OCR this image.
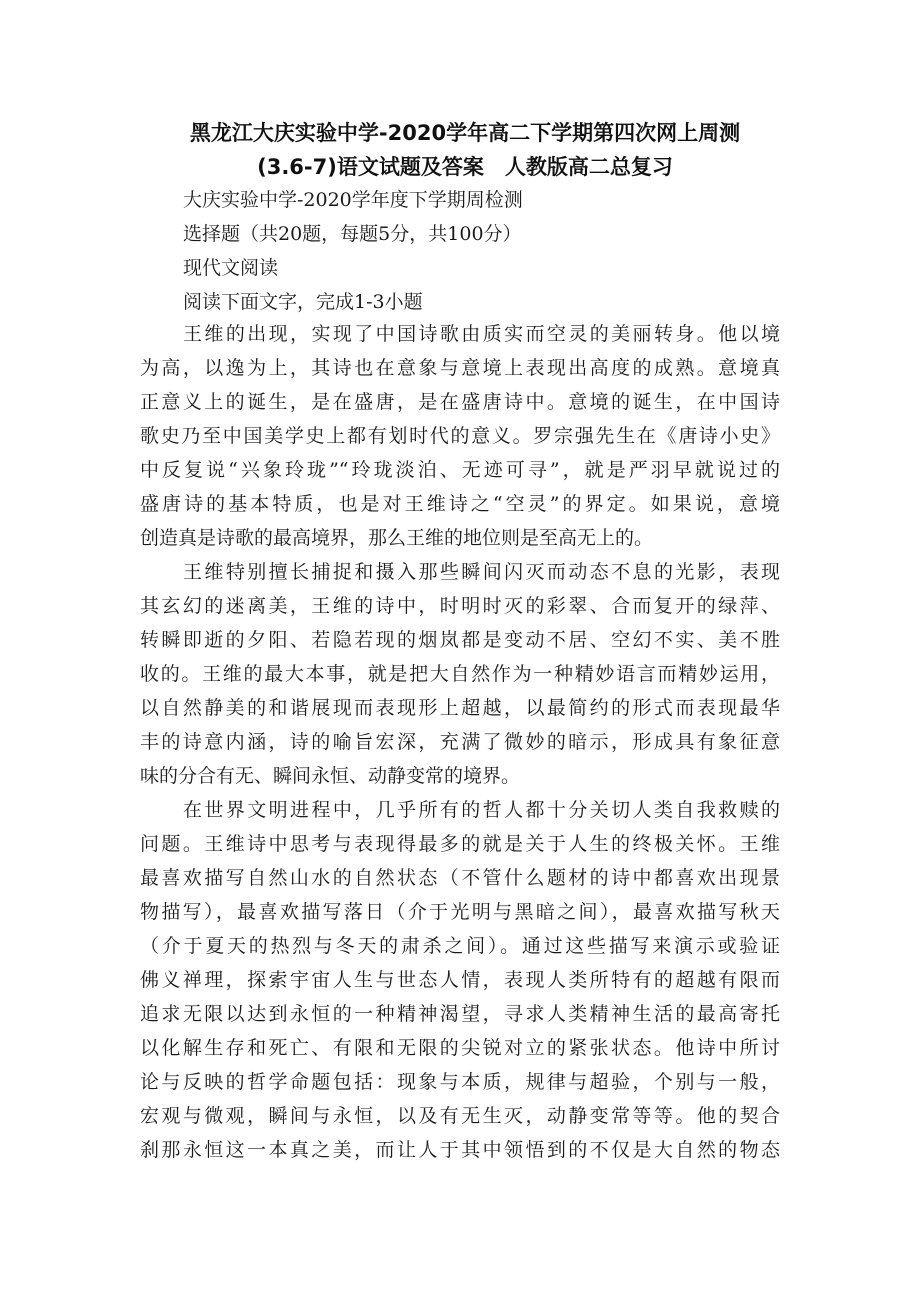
黑龙江大庆实验中学-2020学年高二下学期第四次网上周测
(3.6-7)语文试题及答案　人教版高二总复习
大庆实验中学-2020学年度下学期周检测
选择题（共20题，每题5分，共100分）
现代文阅读
阅读下面文字，完成1-3小题
王维的出现，实现了中国诗歌由质实而空灵的美丽转身。他以境
为高，以逸为上，其诗也在意象与意境上表现出高度的成熟。意境真
正意义上的诞生，是在盛唐，是在盛唐诗中。意境的诞生，在中国诗
歌史乃至中国美学史上都有划时代的意义。罗宗强先生在《唐诗小史》
中反复说“兴象玲珑”“玲珑淡泊、无迹可寻”，就是严羽早就说过的
盛唐诗的基本特质，也是对王维诗之“空灵”的界定。如果说，意境
创造真是诗歌的最高境界，那么王维的地位则是至高无上的。
王维特别擅长捕捉和摄入那些瞬间闪灭而动态不息的光影，表现
其玄幻的迷离美，王维的诗中，时明时灭的彩翠、合而复开的绿萍、
转瞬即逝的夕阳、若隐若现的烟岚都是变动不居、空幻不实、美不胜
收的。王维的最大本事，就是把大自然作为一种精妙语言而精妙运用，
以自然静美的和谐展现而表现形上超越，以最简约的形式而表现最华
丰的诗意内涵，诗的喻旨宏深，充满了微妙的暗示，形成具有象征意
味的分合有无、瞬间永恒、动静变常的境界。
在世界文明进程中，几乎所有的哲人都十分关切人类自我救赎的
问题。王维诗中思考与表现得最多的就是关于人生的终极关怀。王维
最喜欢描写自然山水的自然状态（不管什么题材的诗中都喜欢出现景
物描写），最喜欢描写落日（介于光明与黑暗之间），最喜欢描写秋天
（介于夏天的热烈与冬天的肃杀之间）。通过这些描写来演示或验证
佛义禅理，探索宇宙人生与世态人情，表现人类所特有的超越有限而
追求无限以达到永恒的一种精神渴望，寻求人类精神生活的最高寄托
以化解生存和死亡、有限和无限的尖锐对立的紧张状态。他诗中所讨
论与反映的哲学命题包括：现象与本质，规律与超验，个别与一般，
宏观与微观，瞬间与永恒，以及有无生灭，动静变常等等。他的契合
刹那永恒这一本真之美，而让人于其中领悟到的不仅是大自然的物态
